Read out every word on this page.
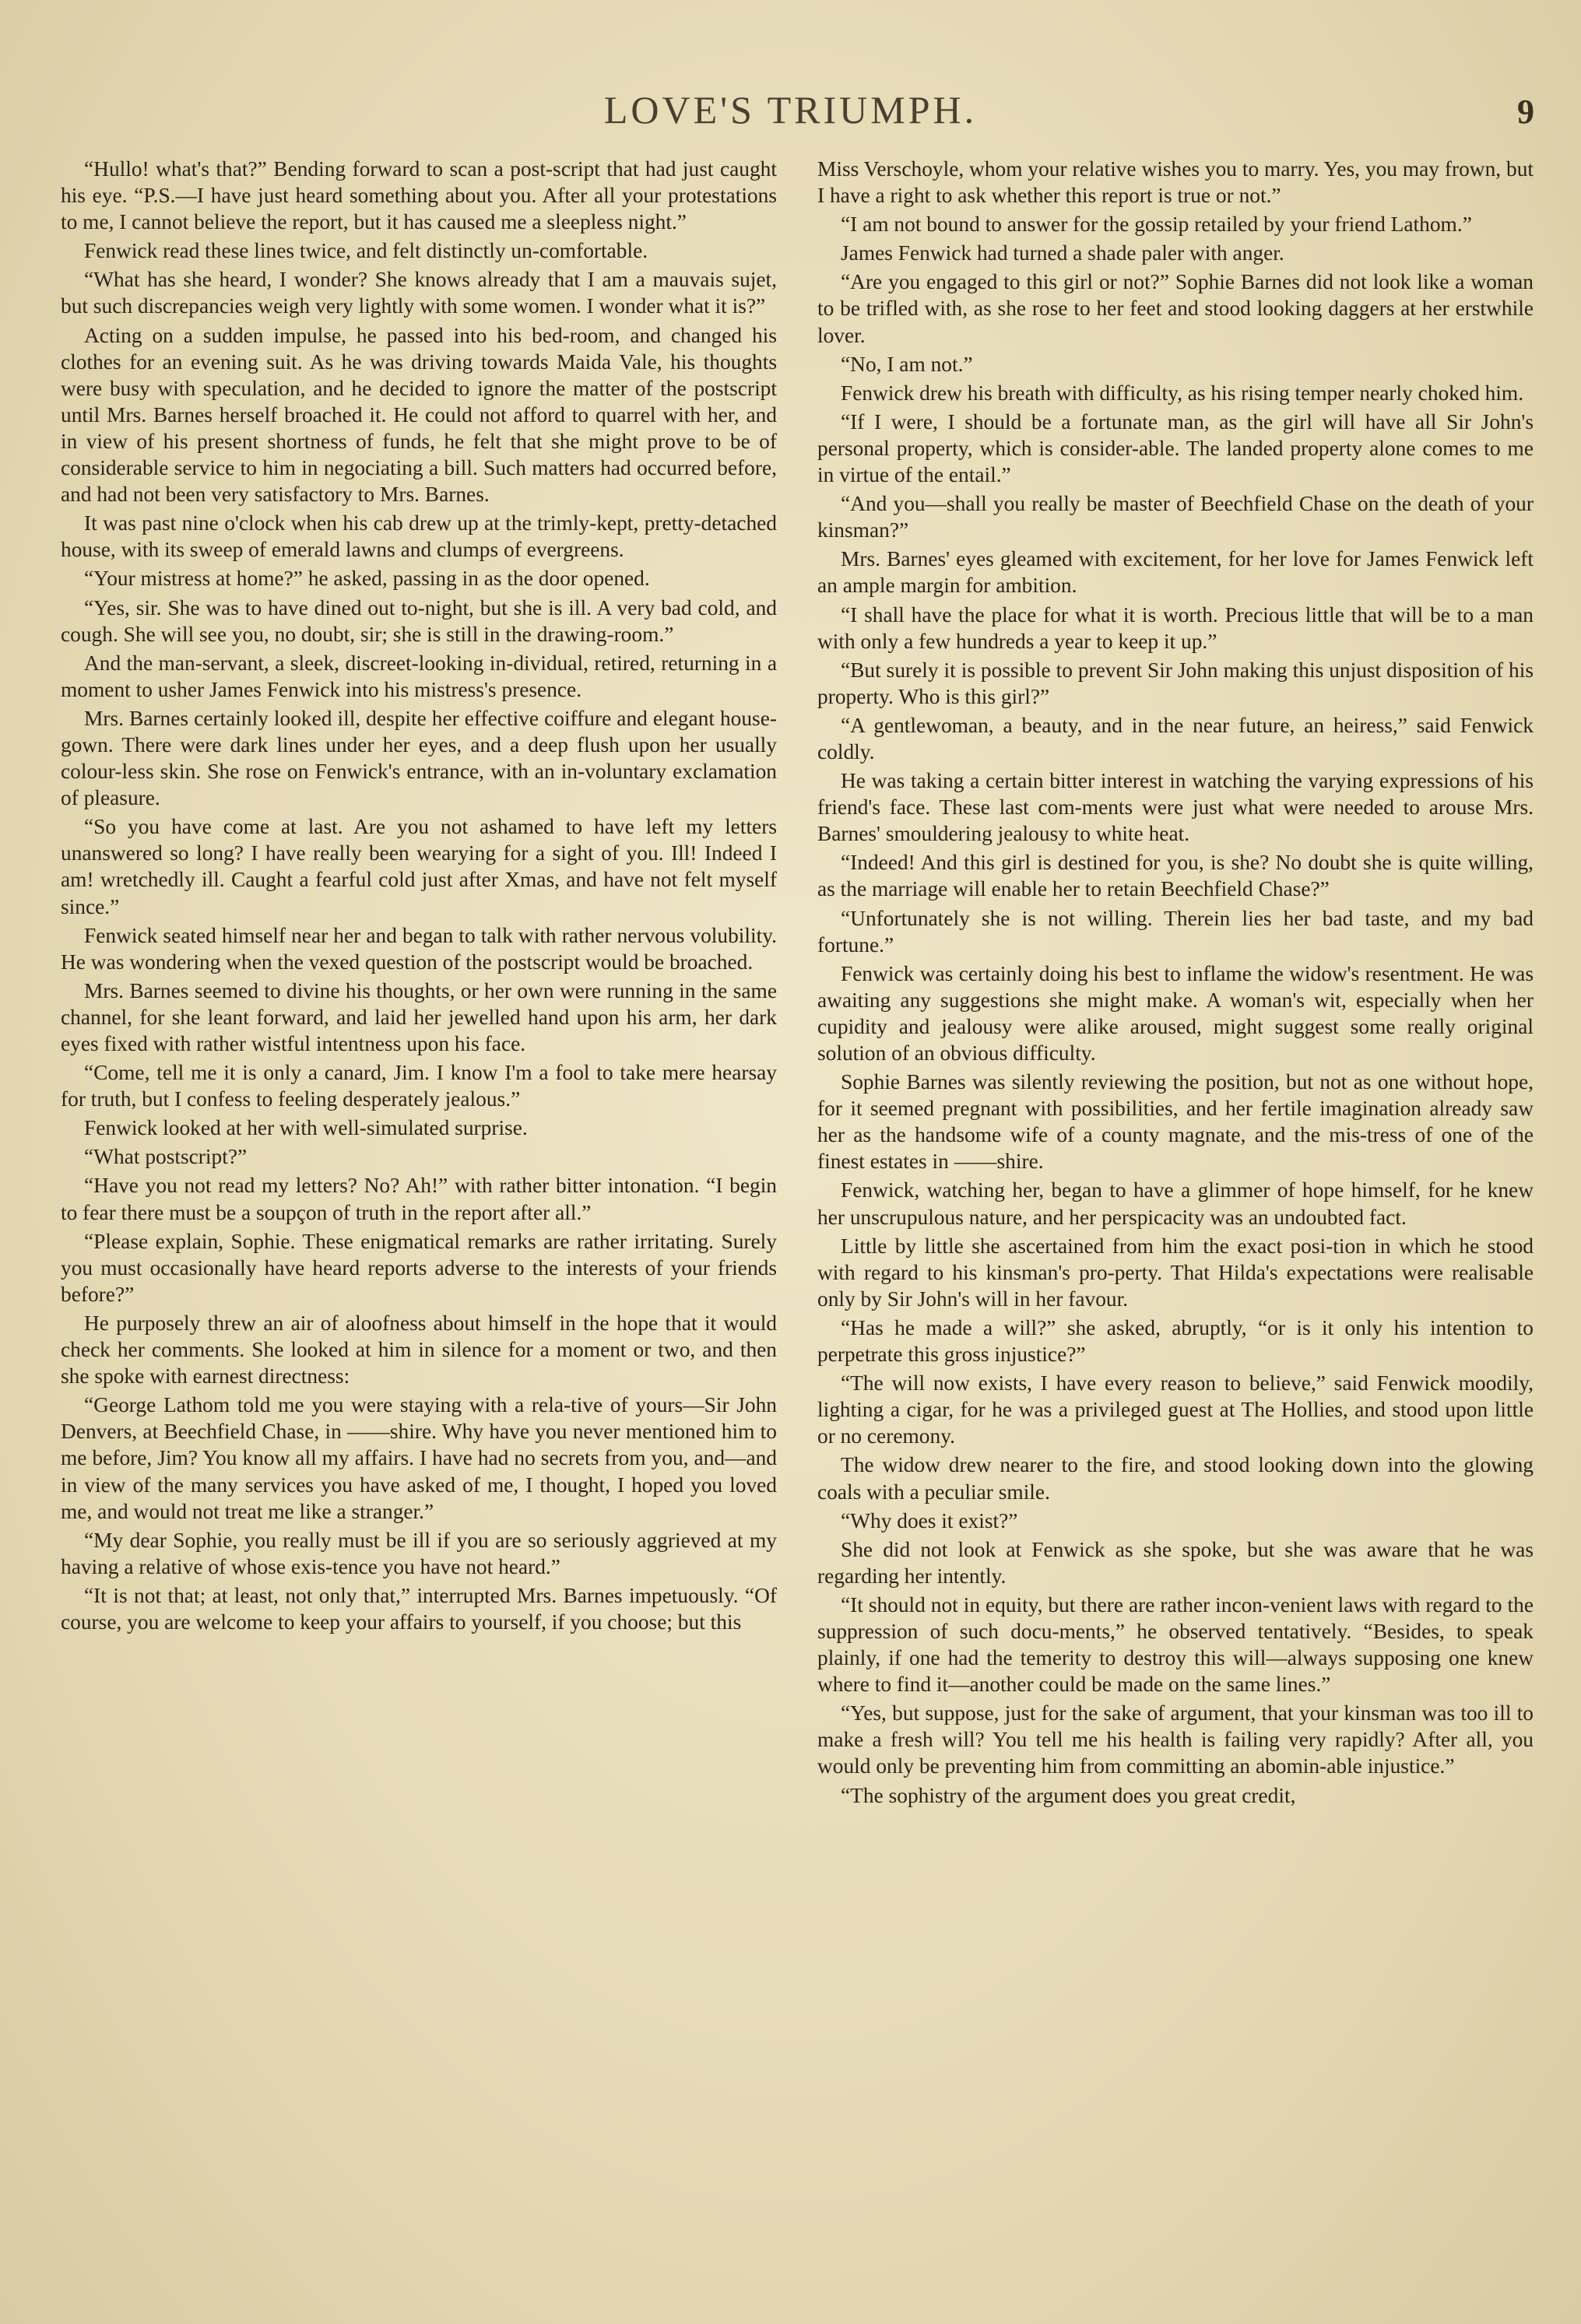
LOVE'S TRIUMPH.	9

“Hullo! what's that?” Bending forward to scan a post-script that had just caught his eye. “P.S.—I have just heard something about you. After all your protestations to me, I cannot believe the report, but it has caused me a sleepless night.”

Fenwick read these lines twice, and felt distinctly un-comfortable.

“What has she heard, I wonder? She knows already that I am a mauvais sujet, but such discrepancies weigh very lightly with some women. I wonder what it is?”

Acting on a sudden impulse, he passed into his bed-room, and changed his clothes for an evening suit. As he was driving towards Maida Vale, his thoughts were busy with speculation, and he decided to ignore the matter of the postscript until Mrs. Barnes herself broached it. He could not afford to quarrel with her, and in view of his present shortness of funds, he felt that she might prove to be of considerable service to him in negociating a bill. Such matters had occurred before, and had not been very satisfactory to Mrs. Barnes.

It was past nine o'clock when his cab drew up at the trimly-kept, pretty-detached house, with its sweep of emerald lawns and clumps of evergreens.

“Your mistress at home?” he asked, passing in as the door opened.

“Yes, sir. She was to have dined out to-night, but she is ill. A very bad cold, and cough. She will see you, no doubt, sir; she is still in the drawing-room.”

And the man-servant, a sleek, discreet-looking in-dividual, retired, returning in a moment to usher James Fenwick into his mistress's presence.

Mrs. Barnes certainly looked ill, despite her effective coiffure and elegant house-gown. There were dark lines under her eyes, and a deep flush upon her usually colour-less skin. She rose on Fenwick's entrance, with an in-voluntary exclamation of pleasure.

“So you have come at last. Are you not ashamed to have left my letters unanswered so long? I have really been wearying for a sight of you. Ill! Indeed I am! wretchedly ill. Caught a fearful cold just after Xmas, and have not felt myself since.”

Fenwick seated himself near her and began to talk with rather nervous volubility. He was wondering when the vexed question of the postscript would be broached.

Mrs. Barnes seemed to divine his thoughts, or her own were running in the same channel, for she leant forward, and laid her jewelled hand upon his arm, her dark eyes fixed with rather wistful intentness upon his face.

“Come, tell me it is only a canard, Jim. I know I'm a fool to take mere hearsay for truth, but I confess to feeling desperately jealous.”

Fenwick looked at her with well-simulated surprise.

“What postscript?”

“Have you not read my letters? No? Ah!” with rather bitter intonation. “I begin to fear there must be a soupçon of truth in the report after all.”

“Please explain, Sophie. These enigmatical remarks are rather irritating. Surely you must occasionally have heard reports adverse to the interests of your friends before?”

He purposely threw an air of aloofness about himself in the hope that it would check her comments. She looked at him in silence for a moment or two, and then she spoke with earnest directness:

“George Lathom told me you were staying with a rela-tive of yours—Sir John Denvers, at Beechfield Chase, in ——shire. Why have you never mentioned him to me before, Jim? You know all my affairs. I have had no secrets from you, and—and in view of the many services you have asked of me, I thought, I hoped you loved me, and would not treat me like a stranger.”

“My dear Sophie, you really must be ill if you are so seriously aggrieved at my having a relative of whose exis-tence you have not heard.”

“It is not that; at least, not only that,” interrupted Mrs. Barnes impetuously. “Of course, you are welcome to keep your affairs to yourself, if you choose; but this

Miss Verschoyle, whom your relative wishes you to marry. Yes, you may frown, but I have a right to ask whether this report is true or not.”

“I am not bound to answer for the gossip retailed by your friend Lathom.”

James Fenwick had turned a shade paler with anger.

“Are you engaged to this girl or not?” Sophie Barnes did not look like a woman to be trifled with, as she rose to her feet and stood looking daggers at her erstwhile lover.

“No, I am not.”

Fenwick drew his breath with difficulty, as his rising temper nearly choked him.

“If I were, I should be a fortunate man, as the girl will have all Sir John's personal property, which is consider-able. The landed property alone comes to me in virtue of the entail.”

“And you—shall you really be master of Beechfield Chase on the death of your kinsman?”

Mrs. Barnes' eyes gleamed with excitement, for her love for James Fenwick left an ample margin for ambition.

“I shall have the place for what it is worth. Precious little that will be to a man with only a few hundreds a year to keep it up.”

“But surely it is possible to prevent Sir John making this unjust disposition of his property. Who is this girl?”

“A gentlewoman, a beauty, and in the near future, an heiress,” said Fenwick coldly.

He was taking a certain bitter interest in watching the varying expressions of his friend's face. These last com-ments were just what were needed to arouse Mrs. Barnes' smouldering jealousy to white heat.

“Indeed! And this girl is destined for you, is she? No doubt she is quite willing, as the marriage will enable her to retain Beechfield Chase?”

“Unfortunately she is not willing. Therein lies her bad taste, and my bad fortune.”

Fenwick was certainly doing his best to inflame the widow's resentment. He was awaiting any suggestions she might make. A woman's wit, especially when her cupidity and jealousy were alike aroused, might suggest some really original solution of an obvious difficulty.

Sophie Barnes was silently reviewing the position, but not as one without hope, for it seemed pregnant with possibilities, and her fertile imagination already saw her as the handsome wife of a county magnate, and the mis-tress of one of the finest estates in ——shire.

Fenwick, watching her, began to have a glimmer of hope himself, for he knew her unscrupulous nature, and her perspicacity was an undoubted fact.

Little by little she ascertained from him the exact posi-tion in which he stood with regard to his kinsman's pro-perty. That Hilda's expectations were realisable only by Sir John's will in her favour.

“Has he made a will?” she asked, abruptly, “or is it only his intention to perpetrate this gross injustice?”

“The will now exists, I have every reason to believe,” said Fenwick moodily, lighting a cigar, for he was a privileged guest at The Hollies, and stood upon little or no ceremony.

The widow drew nearer to the fire, and stood looking down into the glowing coals with a peculiar smile.

“Why does it exist?”

She did not look at Fenwick as she spoke, but she was aware that he was regarding her intently.

“It should not in equity, but there are rather incon-venient laws with regard to the suppression of such docu-ments,” he observed tentatively. “Besides, to speak plainly, if one had the temerity to destroy this will—always supposing one knew where to find it—another could be made on the same lines.”

“Yes, but suppose, just for the sake of argument, that your kinsman was too ill to make a fresh will? You tell me his health is failing very rapidly? After all, you would only be preventing him from committing an abomin-able injustice.”

“The sophistry of the argument does you great credit,
